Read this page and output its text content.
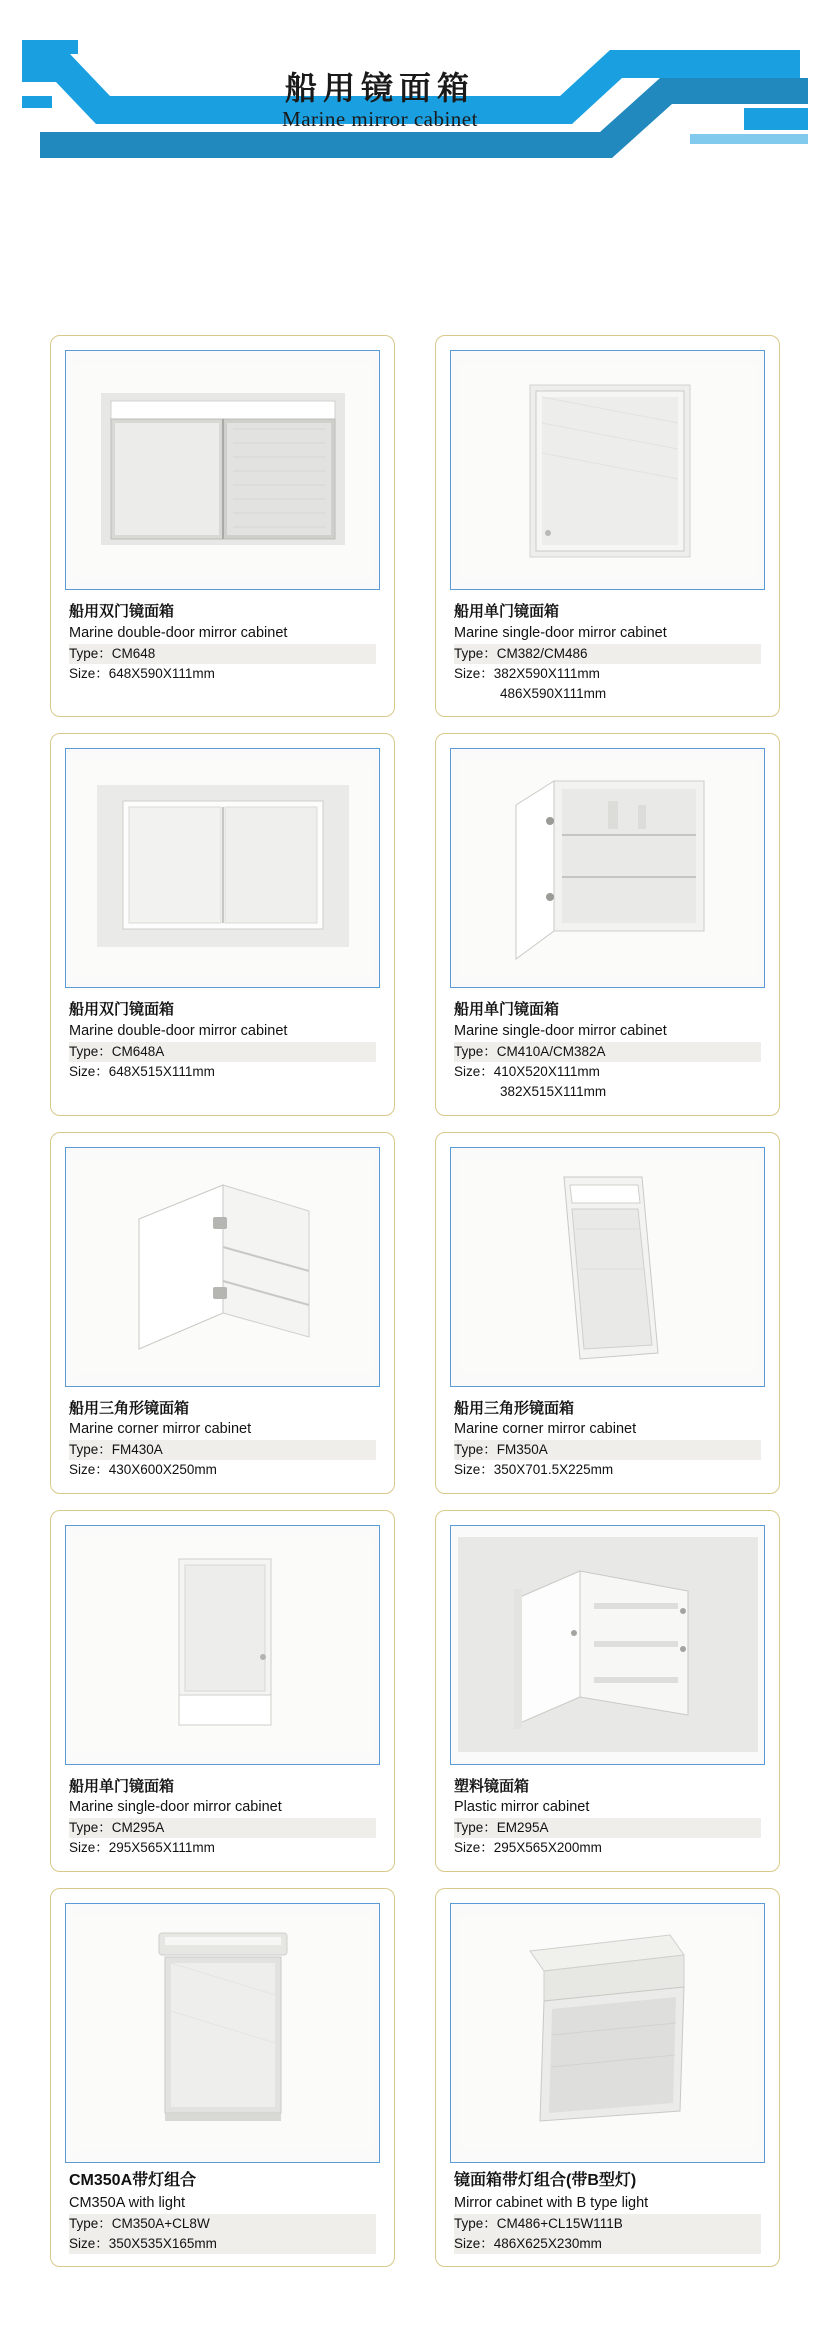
船用镜面箱
Marine mirror cabinet
船用双门镜面箱
Marine double-door mirror cabinet
Type：CM648
Size：648X590X111mm
船用单门镜面箱
Marine single-door mirror cabinet
Type：CM382/CM486
Size：382X590X111mm
486X590X111mm
船用双门镜面箱
Marine double-door mirror cabinet
Type：CM648A
Size：648X515X111mm
船用单门镜面箱
Marine single-door mirror cabinet
Type：CM410A/CM382A
Size：410X520X111mm
382X515X111mm
船用三角形镜面箱
Marine corner mirror cabinet
Type：FM430A
Size：430X600X250mm
船用三角形镜面箱
Marine corner mirror cabinet
Type：FM350A
Size：350X701.5X225mm
船用单门镜面箱
Marine single-door mirror cabinet
Type：CM295A
Size：295X565X111mm
塑料镜面箱
Plastic mirror cabinet
Type：EM295A
Size：295X565X200mm
CM350A带灯组合
CM350A with light
Type：CM350A+CL8W
Size：350X535X165mm
镜面箱带灯组合(带B型灯)
Mirror cabinet with B type light
Type：CM486+CL15W111B
Size：486X625X230mm
